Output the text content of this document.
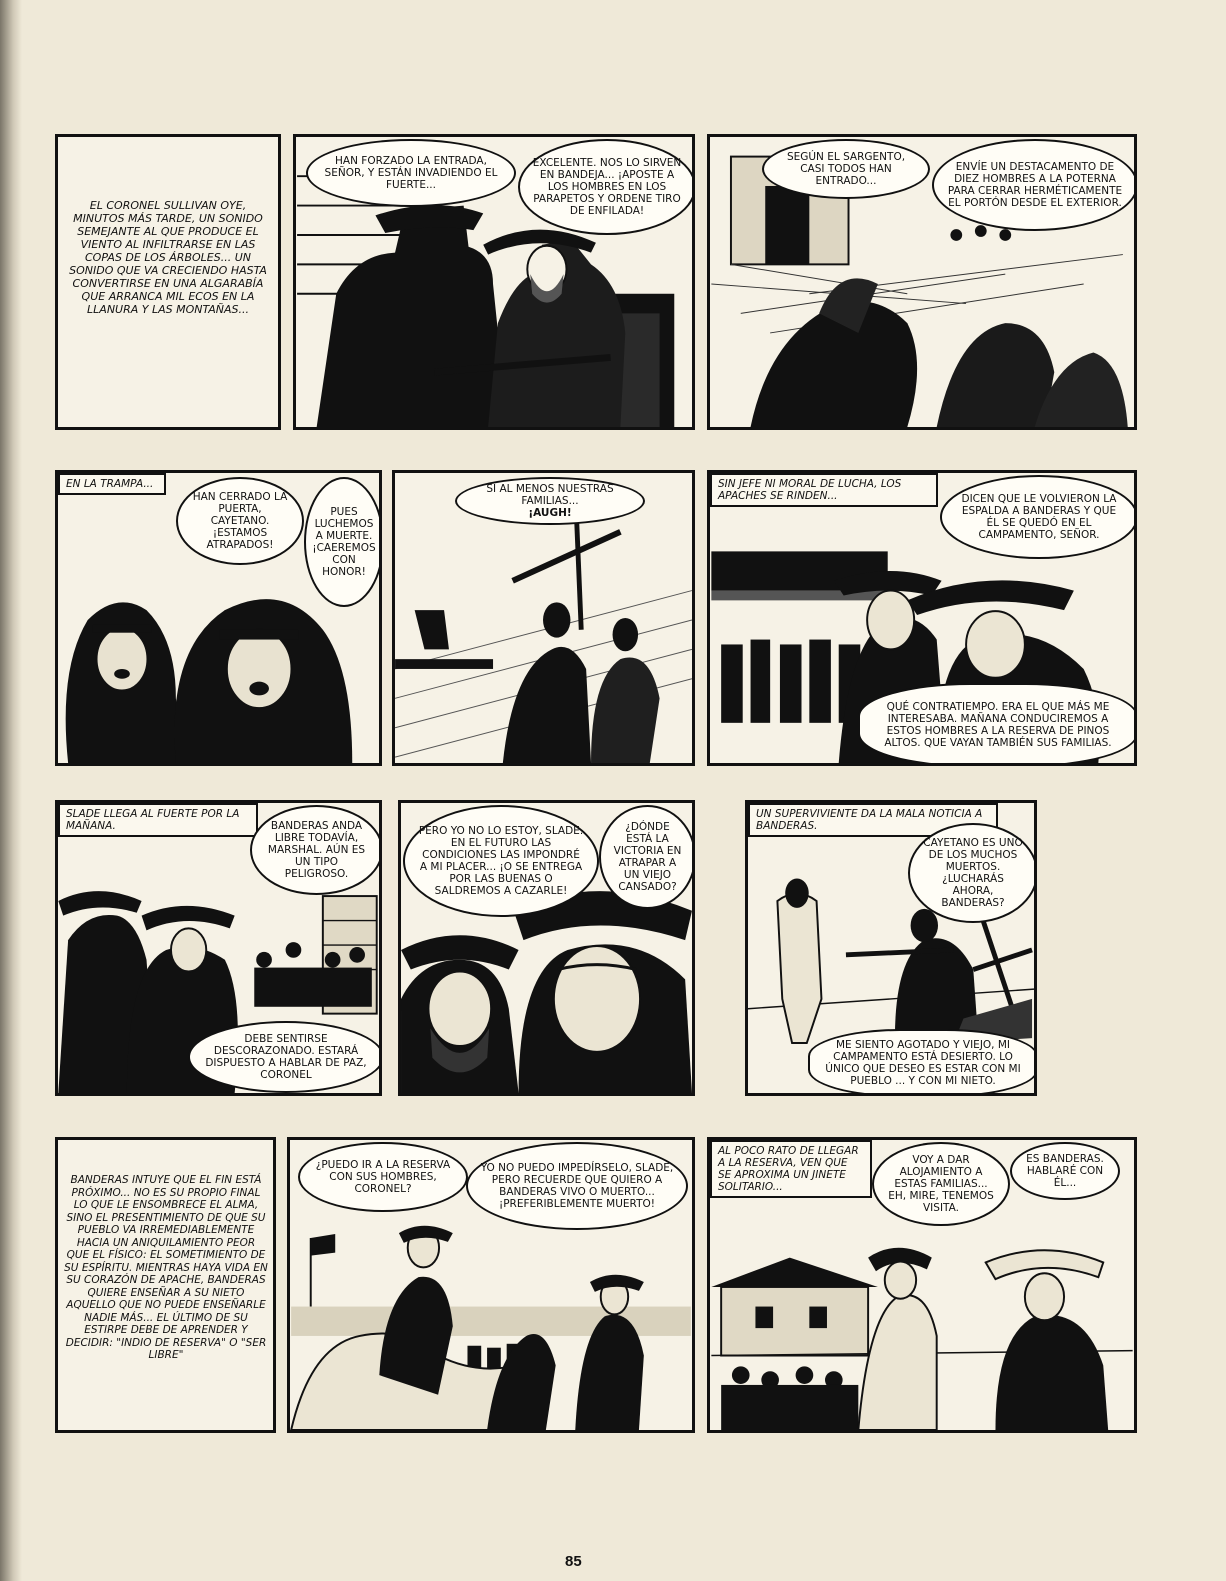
EL CORONEL SULLIVAN OYE, MINUTOS MÁS TARDE, UN SONIDO SEMEJANTE AL QUE PRODUCE EL VIENTO AL INFILTRARSE EN LAS COPAS DE LOS ÁRBOLES... UN SONIDO QUE VA CRECIENDO HASTA CONVERTIRSE EN UNA ALGARABÍA QUE ARRANCA MIL ECOS EN LA LLANURA Y LAS MONTAÑAS...
HAN FORZADO LA ENTRADA, SEÑOR, Y ESTÁN INVADIENDO EL FUERTE...
EXCELENTE. NOS LO SIRVEN EN BANDEJA... ¡APOSTE A LOS HOMBRES EN LOS PARAPETOS Y ORDENE TIRO DE ENFILADA!
SEGÚN EL SARGENTO, CASI TODOS HAN ENTRADO...
ENVÍE UN DESTACAMENTO DE DIEZ HOMBRES A LA POTERNA PARA CERRAR HERMÉTICAMENTE EL PORTÓN DESDE EL EXTERIOR.
EN LA TRAMPA...
HAN CERRADO LA PUERTA, CAYETANO. ¡ESTAMOS ATRAPADOS!
PUES LUCHEMOS A MUERTE. ¡CAEREMOS CON HONOR!
SI AL MENOS NUESTRAS FAMILIAS...
¡AUGH!
SIN JEFE NI MORAL DE LUCHA, LOS APACHES SE RINDEN...	DICEN QUE LE VOLVIERON LA ESPALDA A BANDERAS Y QUE ÉL SE QUEDÓ EN EL CAMPAMENTO, SEÑOR.
QUÉ CONTRATIEMPO. ERA EL QUE MÁS ME INTERESABA. MAÑANA CONDUCIREMOS A ESTOS HOMBRES A LA RESERVA DE PINOS ALTOS. QUE VAYAN TAMBIÉN SUS FAMILIAS.
SLADE LLEGA AL FUERTE POR LA MAÑANA.	BANDERAS ANDA LIBRE TODAVÍA, MARSHAL. AÚN ES UN TIPO PELIGROSO.
DEBE SENTIRSE DESCORAZONADO. ESTARÁ DISPUESTO A HABLAR DE PAZ, CORONEL
PERO YO NO LO ESTOY, SLADE. EN EL FUTURO LAS CONDICIONES LAS IMPONDRÉ A MI PLACER... ¡O SE ENTREGA POR LAS BUENAS O SALDREMOS A CAZARLE!
¿DÓNDE ESTÁ LA VICTORIA EN ATRAPAR A UN VIEJO CANSADO?
UN SUPERVIVIENTE DA LA MALA NOTICIA A BANDERAS.
CAYETANO ES UNO DE LOS MUCHOS MUERTOS. ¿LUCHARÁS AHORA, BANDERAS?
ME SIENTO AGOTADO Y VIEJO, MI CAMPAMENTO ESTÁ DESIERTO. LO ÚNICO QUE DESEO ES ESTAR CON MI PUEBLO ... Y CON MI NIETO.
BANDERAS INTUYE QUE EL FIN ESTÁ PRÓXIMO... NO ES SU PROPIO FINAL LO QUE LE ENSOMBRECE EL ALMA, SINO EL PRESENTIMIENTO DE QUE SU PUEBLO VA IRREMEDIABLEMENTE HACIA UN ANIQUILAMIENTO PEOR QUE EL FÍSICO: EL SOMETIMIENTO DE SU ESPÍRITU. MIENTRAS HAYA VIDA EN SU CORAZÓN DE APACHE, BANDERAS QUIERE ENSEÑAR A SU NIETO AQUELLO QUE NO PUEDE ENSEÑARLE NADIE MÁS... EL ÚLTIMO DE SU ESTIRPE DEBE DE APRENDER Y DECIDIR: "INDIO DE RESERVA" O "SER LIBRE"
¿PUEDO IR A LA RESERVA CON SUS HOMBRES, CORONEL?
YO NO PUEDO IMPEDÍRSELO, SLADE, PERO RECUERDE QUE QUIERO A BANDERAS VIVO O MUERTO... ¡PREFERIBLEMENTE MUERTO!
AL POCO RATO DE LLEGAR A LA RESERVA, VEN QUE SE APROXIMA UN JINETE SOLITARIO...
VOY A DAR ALOJAMIENTO A ESTAS FAMILIAS... EH, MIRE, TENEMOS VISITA.
ES BANDERAS. HABLARÉ CON ÉL...
85
